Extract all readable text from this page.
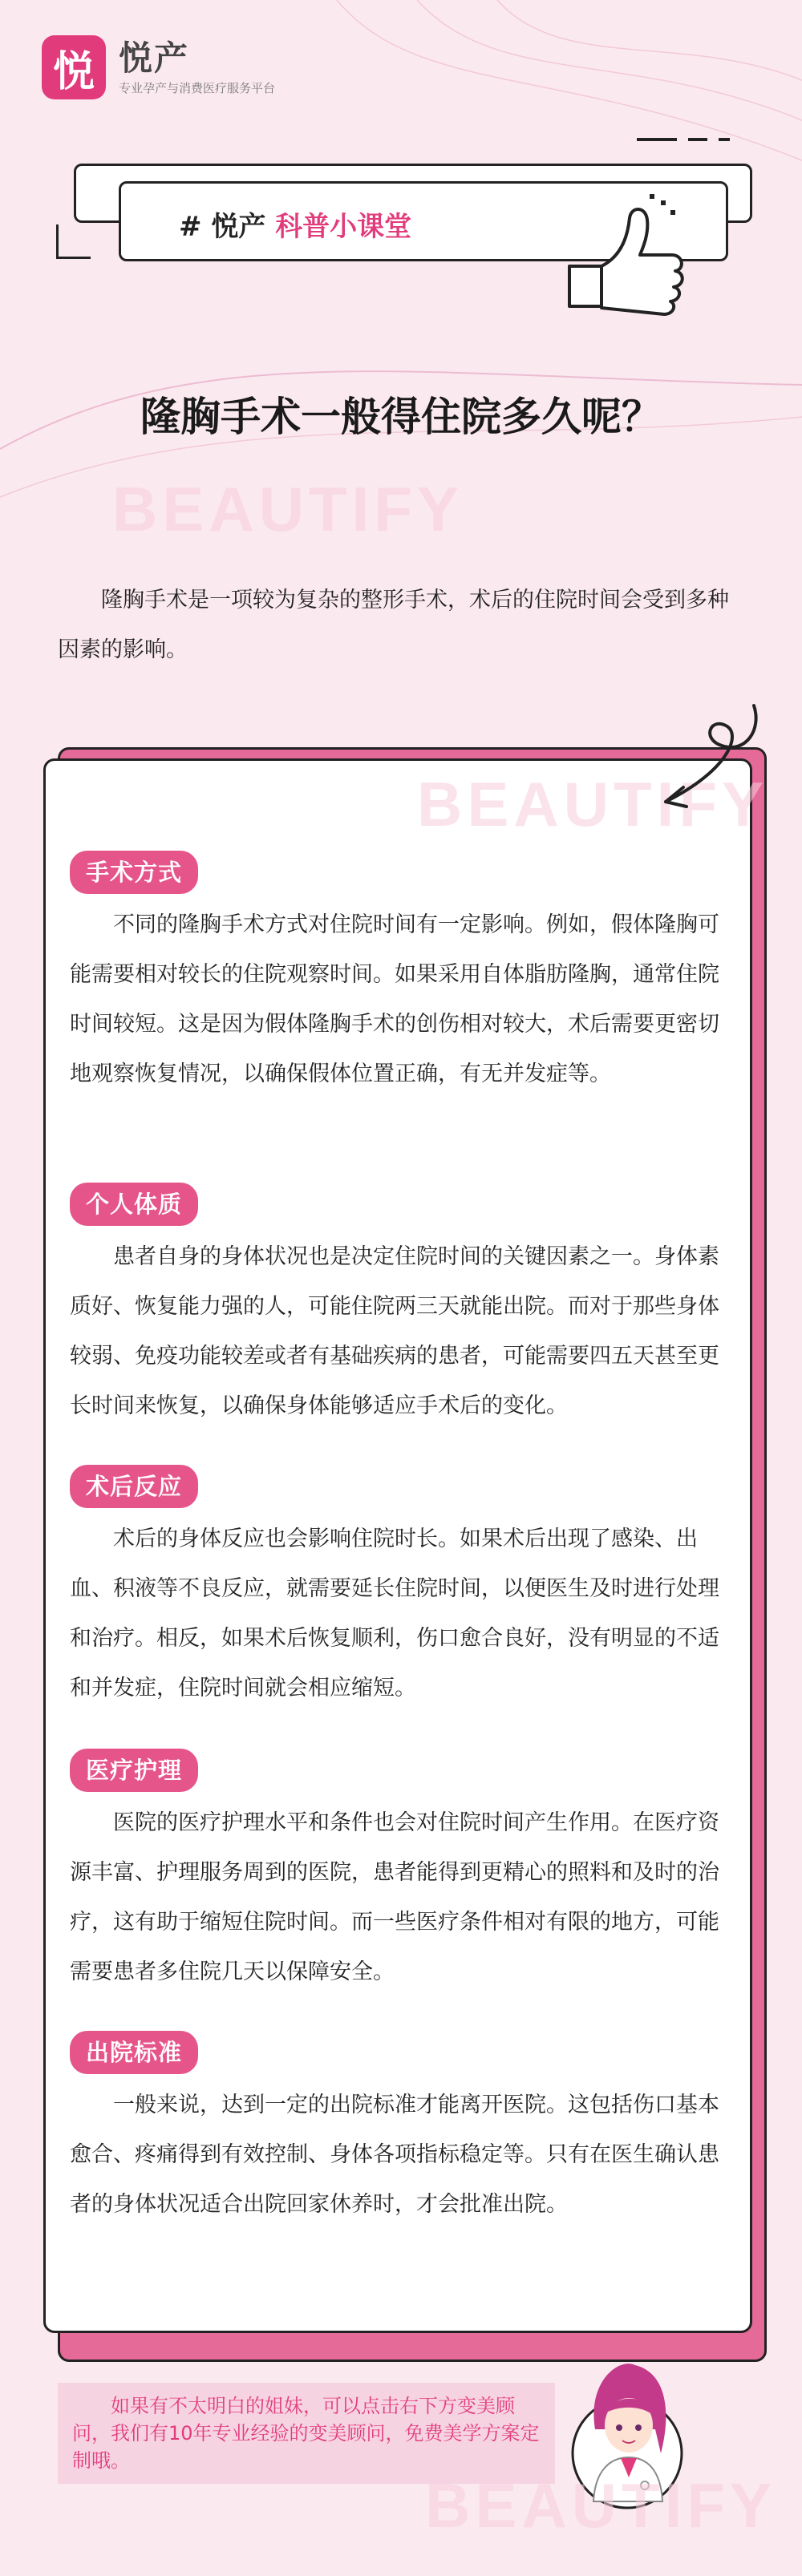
悦 悦产
专业孕产与消费医疗服务平台
# 悦产 科普小课堂
隆胸手术一般得住院多久呢？
BEAUTIFY
隆胸手术是一项较为复杂的整形手术，术后的住院时间会受到多种因素的影响。
手术方式
不同的隆胸手术方式对住院时间有一定影响。例如，假体隆胸可能需要相对较长的住院观察时间。如果采用自体脂肪隆胸，通常住院时间较短。这是因为假体隆胸手术的创伤相对较大，术后需要更密切地观察恢复情况，以确保假体位置正确，有无并发症等。
个人体质
患者自身的身体状况也是决定住院时间的关键因素之一。身体素质好、恢复能力强的人，可能住院两三天就能出院。而对于那些身体较弱、免疫功能较差或者有基础疾病的患者，可能需要四五天甚至更长时间来恢复，以确保身体能够适应手术后的变化。
术后反应
术后的身体反应也会影响住院时长。如果术后出现了感染、出血、积液等不良反应，就需要延长住院时间，以便医生及时进行处理和治疗。相反，如果术后恢复顺利，伤口愈合良好，没有明显的不适和并发症，住院时间就会相应缩短。
医疗护理
医院的医疗护理水平和条件也会对住院时间产生作用。在医疗资源丰富、护理服务周到的医院，患者能得到更精心的照料和及时的治疗，这有助于缩短住院时间。而一些医疗条件相对有限的地方，可能需要患者多住院几天以保障安全。
出院标准
一般来说，达到一定的出院标准才能离开医院。这包括伤口基本愈合、疼痛得到有效控制、身体各项指标稳定等。只有在医生确认患者的身体状况适合出院回家休养时，才会批准出院。
BEAUTIFY
如果有不太明白的姐妹，可以点击右下方变美顾问，我们有10年专业经验的变美顾问，免费美学方案定制哦。
BEAUTIFY
